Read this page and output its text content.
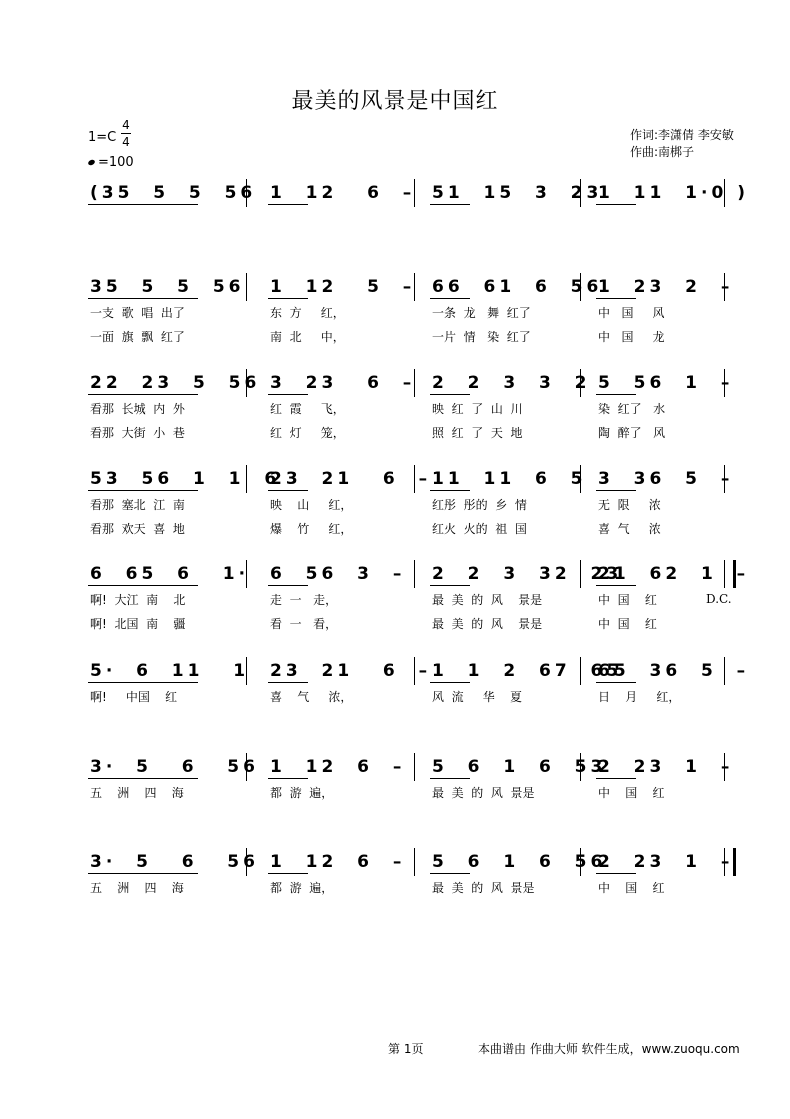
最美的风景是中国红
1=C
4
4
=100
作词:李潇倩 李安敏
作曲:南梆子
(35  5  5  56 1  12   6  – 51  15  3  23
1  11  1·0 )
35  5  5  56 1  12   5  – 66  61  6  56
1  23  2  –
一支  歌  唱  出了	东  方     红，	一条  龙   舞  红了	中   国     风
一面  旗  飘  红了	南  北     中，	一片  情   染  红了	中   国     龙
22  23  5  56 3  23   6  – 2  2  3  3  2 5  56  1  –
看那  长城  内  外	红  霞     飞，	映  红  了  山  川	染  红了   水
看那  大街  小  巷	红  灯     笼，	照  红  了  天  地	陶  醉了   风
53  56  1  1  6
23  21   6  – 11  11  6  5 3  36  5  –
看那  塞北  江  南	映    山     红，	红彤  彤的  乡  情	无  限     浓
看那  欢天  喜  地	爆    竹     红，	红火  火的  祖  国	喜  气     浓
6  65  6   1· 6  56  3  – 2  2  3  32  23
21  62  1  –
啊!  大江  南    北	走  一   走，	最  美  的  风    景是	中  国    红
啊!  北国  南    疆	看  一   看，	最  美  的  风    景是	中  国    红
5·  6  11   1 23  21   6  – 1  1  2  67  65
65  36  5  –
啊!     中国    红	喜    气     浓，	风  流     华    夏	日    月     红，
3·  5   6   56 1  12  6  – 5  6  1  6  53
2  23  1  –
五    洲    四    海	都  游  遍，	最  美  的  风  景是	中    国    红
3·  5   6   56 1  12  6  – 5  6  1  6  56
2  23  1  –
五    洲    四    海	都  游  遍，	最  美  的  风  景是	中    国    红
D.C.
第 1页	本曲谱由 作曲大师 软件生成，www.zuoqu.com
